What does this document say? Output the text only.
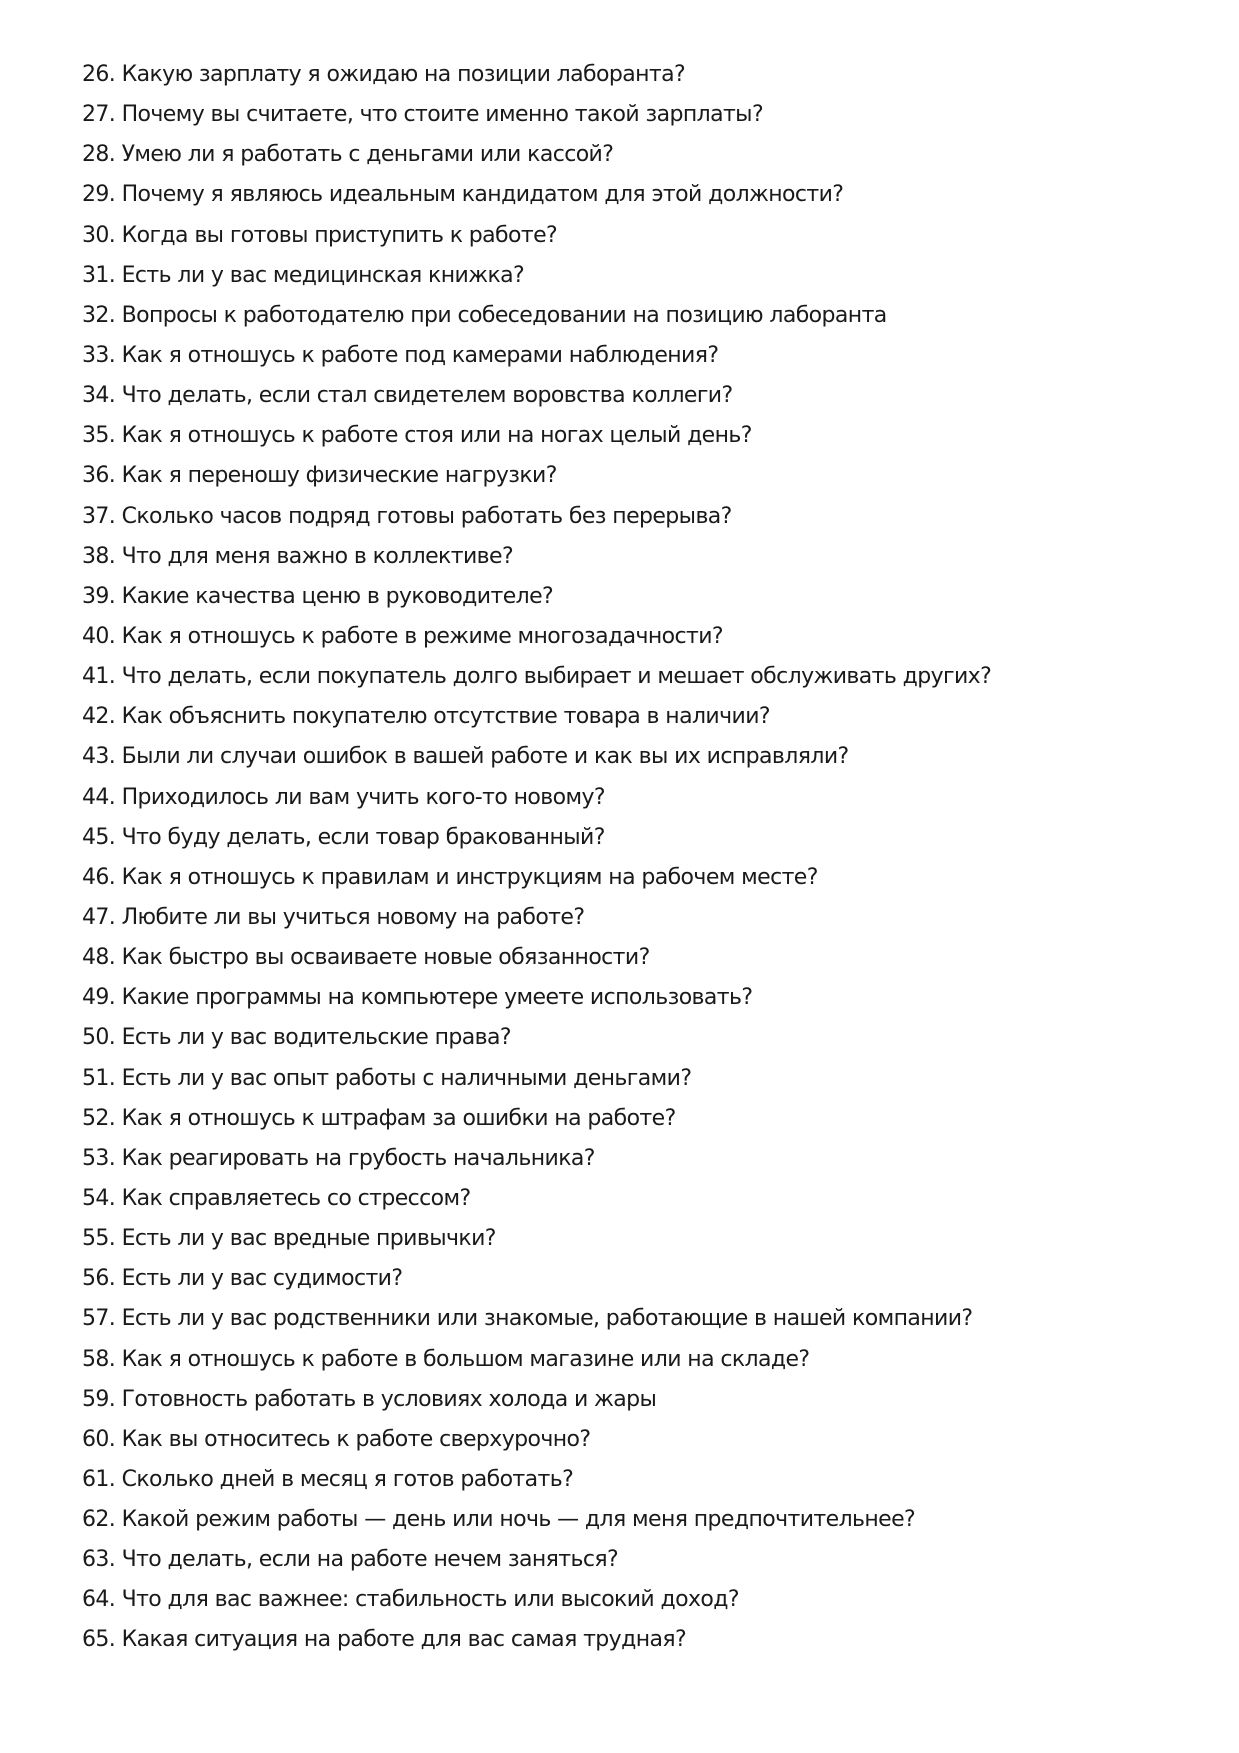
26. Какую зарплату я ожидаю на позиции лаборанта?
27. Почему вы считаете, что стоите именно такой зарплаты?
28. Умею ли я работать с деньгами или кассой?
29. Почему я являюсь идеальным кандидатом для этой должности?
30. Когда вы готовы приступить к работе?
31. Есть ли у вас медицинская книжка?
32. Вопросы к работодателю при собеседовании на позицию лаборанта
33. Как я отношусь к работе под камерами наблюдения?
34. Что делать, если стал свидетелем воровства коллеги?
35. Как я отношусь к работе стоя или на ногах целый день?
36. Как я переношу физические нагрузки?
37. Сколько часов подряд готовы работать без перерыва?
38. Что для меня важно в коллективе?
39. Какие качества ценю в руководителе?
40. Как я отношусь к работе в режиме многозадачности?
41. Что делать, если покупатель долго выбирает и мешает обслуживать других?
42. Как объяснить покупателю отсутствие товара в наличии?
43. Были ли случаи ошибок в вашей работе и как вы их исправляли?
44. Приходилось ли вам учить кого-то новому?
45. Что буду делать, если товар бракованный?
46. Как я отношусь к правилам и инструкциям на рабочем месте?
47. Любите ли вы учиться новому на работе?
48. Как быстро вы осваиваете новые обязанности?
49. Какие программы на компьютере умеете использовать?
50. Есть ли у вас водительские права?
51. Есть ли у вас опыт работы с наличными деньгами?
52. Как я отношусь к штрафам за ошибки на работе?
53. Как реагировать на грубость начальника?
54. Как справляетесь со стрессом?
55. Есть ли у вас вредные привычки?
56. Есть ли у вас судимости?
57. Есть ли у вас родственники или знакомые, работающие в нашей компании?
58. Как я отношусь к работе в большом магазине или на складе?
59. Готовность работать в условиях холода и жары
60. Как вы относитесь к работе сверхурочно?
61. Сколько дней в месяц я готов работать?
62. Какой режим работы — день или ночь — для меня предпочтительнее?
63. Что делать, если на работе нечем заняться?
64. Что для вас важнее: стабильность или высокий доход?
65. Какая ситуация на работе для вас самая трудная?
